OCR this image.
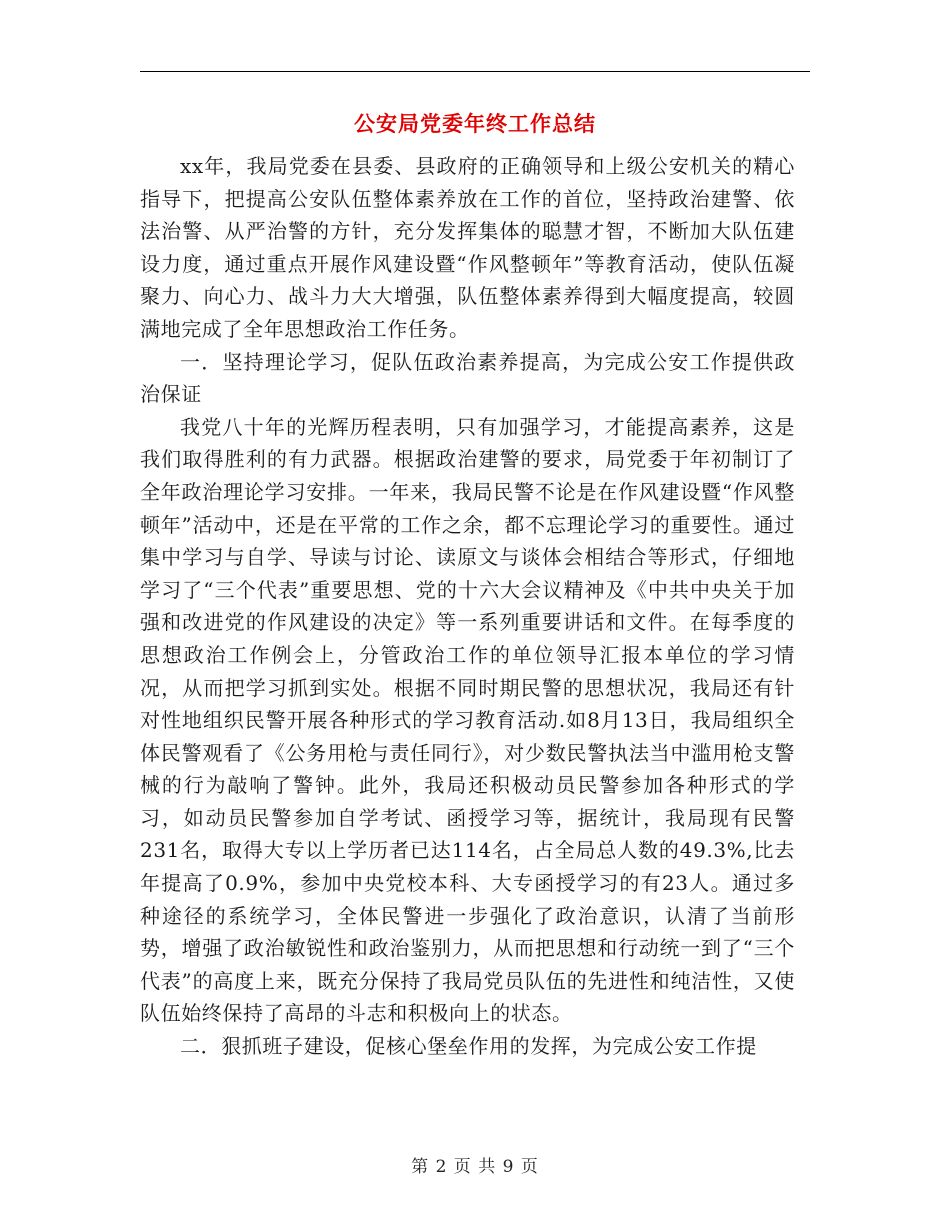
公安局党委年终工作总结

xx年，我局党委在县委、县政府的正确领导和上级公安机关的精心指导下，把提高公安队伍整体素养放在工作的首位，坚持政治建警、依法治警、从严治警的方针，充分发挥集体的聪慧才智，不断加大队伍建设力度，通过重点开展作风建设暨“作风整顿年”等教育活动，使队伍凝聚力、向心力、战斗力大大增强，队伍整体素养得到大幅度提高，较圆满地完成了全年思想政治工作任务。

一．坚持理论学习，促队伍政治素养提高，为完成公安工作提供政治保证

我党八十年的光辉历程表明，只有加强学习，才能提高素养，这是我们取得胜利的有力武器。根据政治建警的要求，局党委于年初制订了全年政治理论学习安排。一年来，我局民警不论是在作风建设暨“作风整顿年”活动中，还是在平常的工作之余，都不忘理论学习的重要性。通过集中学习与自学、导读与讨论、读原文与谈体会相结合等形式，仔细地学习了“三个代表”重要思想、党的十六大会议精神及《中共中央关于加强和改进党的作风建设的决定》等一系列重要讲话和文件。在每季度的思想政治工作例会上，分管政治工作的单位领导汇报本单位的学习情况，从而把学习抓到实处。根据不同时期民警的思想状况，我局还有针对性地组织民警开展各种形式的学习教育活动.如8月13日，我局组织全体民警观看了《公务用枪与责任同行》，对少数民警执法当中滥用枪支警械的行为敲响了警钟。此外，我局还积极动员民警参加各种形式的学习，如动员民警参加自学考试、函授学习等，据统计，我局现有民警231名，取得大专以上学历者已达114名，占全局总人数的49.3%,比去年提高了0.9%，参加中央党校本科、大专函授学习的有23人。通过多种途径的系统学习，全体民警进一步强化了政治意识，认清了当前形势，增强了政治敏锐性和政治鉴别力，从而把思想和行动统一到了“三个代表”的高度上来，既充分保持了我局党员队伍的先进性和纯洁性，又使队伍始终保持了高昂的斗志和积极向上的状态。

二．狠抓班子建设，促核心堡垒作用的发挥，为完成公安工作提

第 2 页 共 9 页
